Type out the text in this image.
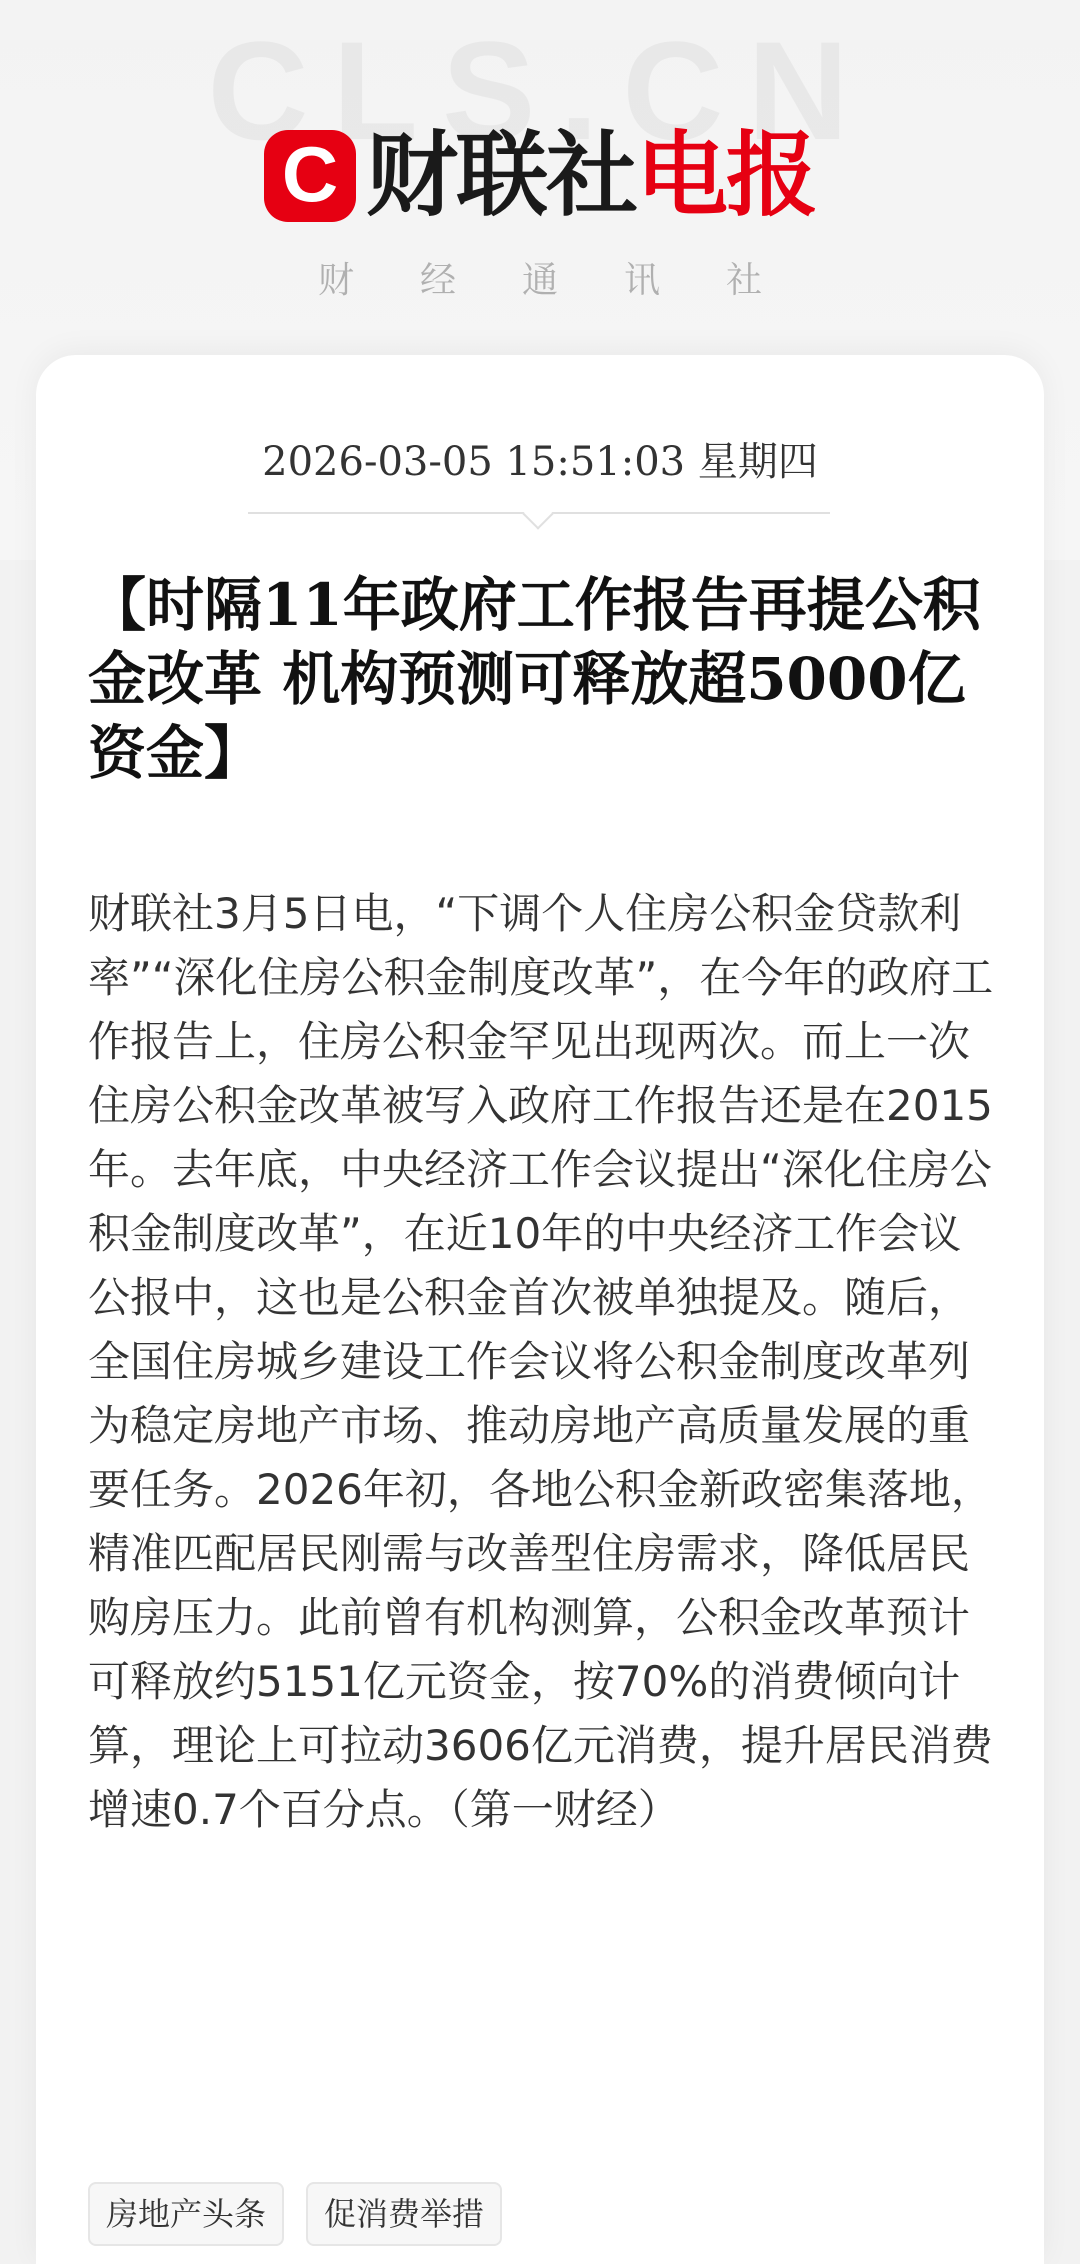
C 财联社电报
财经通讯社
2026-03-05 15:51:03 星期四
【时隔11年政府工作报告再提公积金改革 机构预测可释放超5000亿资金】

财联社3月5日电，“下调个人住房公积金贷款利率”“深化住房公积金制度改革”，在今年的政府工作报告上，住房公积金罕见出现两次。而上一次住房公积金改革被写入政府工作报告还是在2015年。去年底，中央经济工作会议提出“深化住房公积金制度改革”，在近10年的中央经济工作会议公报中，这也是公积金首次被单独提及。随后，全国住房城乡建设工作会议将公积金制度改革列为稳定房地产市场、推动房地产高质量发展的重要任务。2026年初，各地公积金新政密集落地，精准匹配居民刚需与改善型住房需求，降低居民购房压力。此前曾有机构测算，公积金改革预计可释放约5151亿元资金，按70%的消费倾向计算，理论上可拉动3606亿元消费，提升居民消费增速0.7个百分点。（第一财经）

房地产头条	促消费举措
